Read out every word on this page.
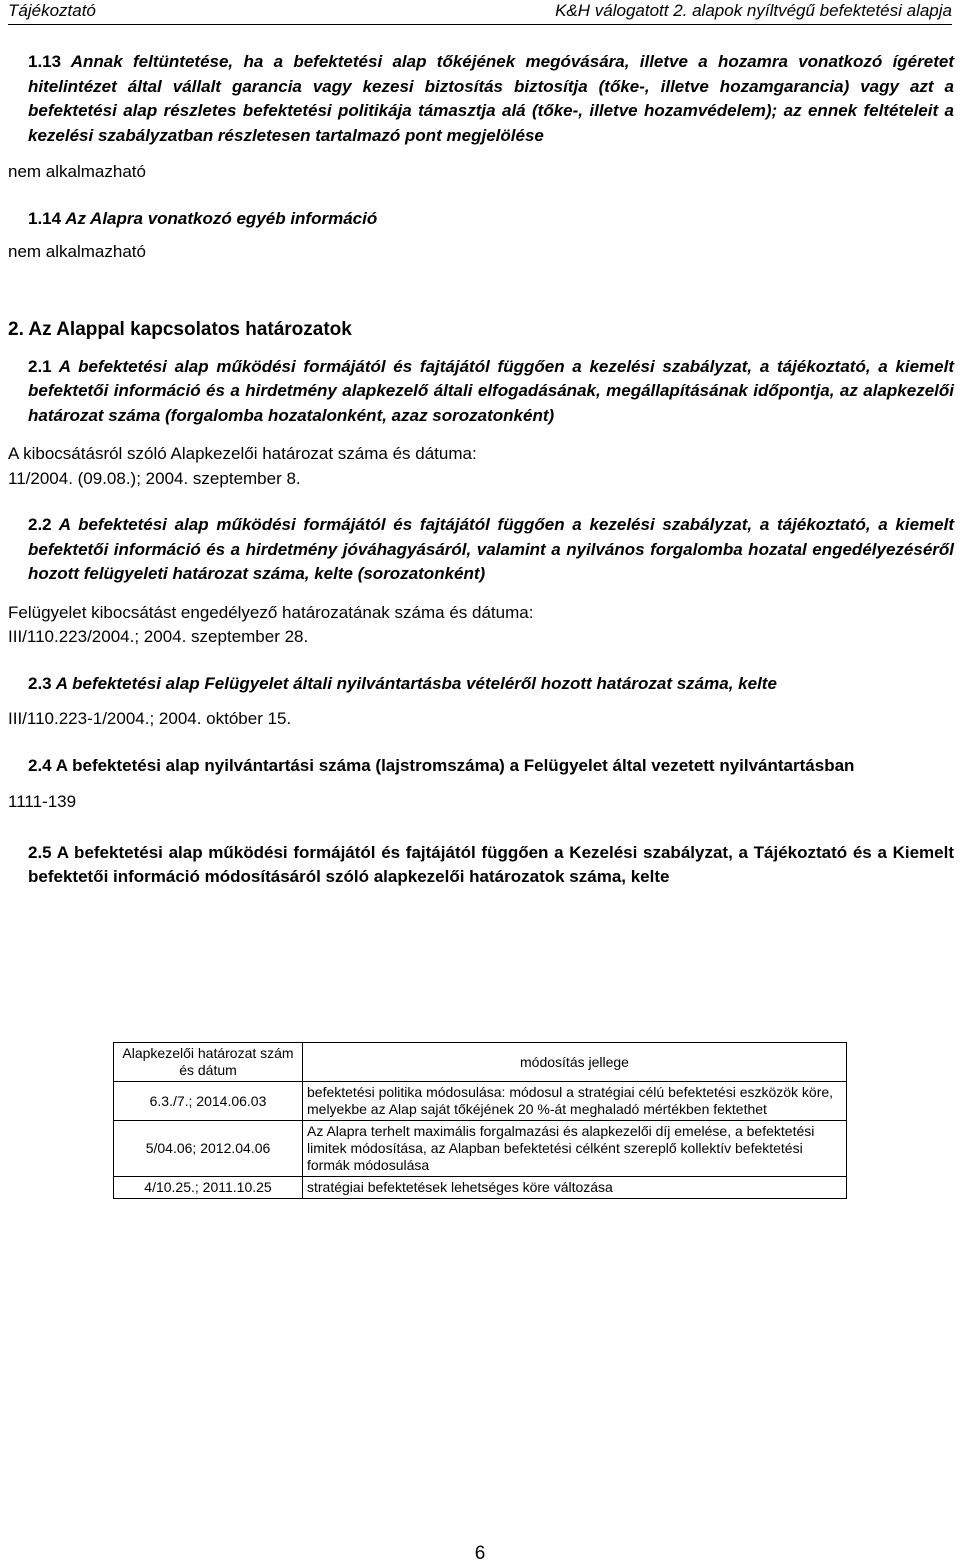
Tájékoztató	K&H válogatott 2. alapok nyíltvégű befektetési alapja

1.13 Annak feltüntetése, ha a befektetési alap tőkéjének megóvására, illetve a hozamra vonatkozó ígéretet hitelintézet által vállalt garancia vagy kezesi biztosítás biztosítja (tőke-, illetve hozamgarancia) vagy azt a befektetési alap részletes befektetési politikája támasztja alá (tőke-, illetve hozamvédelem); az ennek feltételeit a kezelési szabályzatban részletesen tartalmazó pont megjelölése

nem alkalmazható

1.14 Az Alapra vonatkozó egyéb információ

nem alkalmazható

2. Az Alappal kapcsolatos határozatok

2.1 A befektetési alap működési formájától és fajtájától függően a kezelési szabályzat, a tájékoztató, a kiemelt befektetői információ és a hirdetmény alapkezelő általi elfogadásának, megállapításának időpontja, az alapkezelői határozat száma (forgalomba hozatalonként, azaz sorozatonként)

A kibocsátásról szóló Alapkezelői határozat száma és dátuma:

11/2004. (09.08.); 2004. szeptember 8.

2.2 A befektetési alap működési formájától és fajtájától függően a kezelési szabályzat, a tájékoztató, a kiemelt befektetői információ és a hirdetmény jóváhagyásáról, valamint a nyilvános forgalomba hozatal engedélyezéséről hozott felügyeleti határozat száma, kelte (sorozatonként)

Felügyelet kibocsátást engedélyező határozatának száma és dátuma:

III/110.223/2004.; 2004. szeptember 28.

2.3 A befektetési alap Felügyelet általi nyilvántartásba vételéről hozott határozat száma, kelte

III/110.223-1/2004.; 2004. október 15.

2.4 A befektetési alap nyilvántartási száma (lajstromszáma) a Felügyelet által vezetett nyilvántartásban

1111-139

2.5 A befektetési alap működési formájától és fajtájától függően a Kezelési szabályzat, a Tájékoztató és a Kiemelt befektetői információ módosításáról szóló alapkezelői határozatok száma, kelte

Alapkezelői határozat szám és dátum	módosítás jellege
6.3./7.; 2014.06.03	befektetési politika módosulása: módosul a stratégiai célú befektetési eszközök köre, melyekbe az Alap saját tőkéjének 20 %-át meghaladó mértékben fektethet
5/04.06; 2012.04.06	Az Alapra terhelt maximális forgalmazási és alapkezelői díj emelése, a befektetési limitek módosítása, az Alapban befektetési célként szereplő kollektív befektetési formák módosulása
4/10.25.; 2011.10.25	stratégiai befektetések lehetséges köre változása
6
